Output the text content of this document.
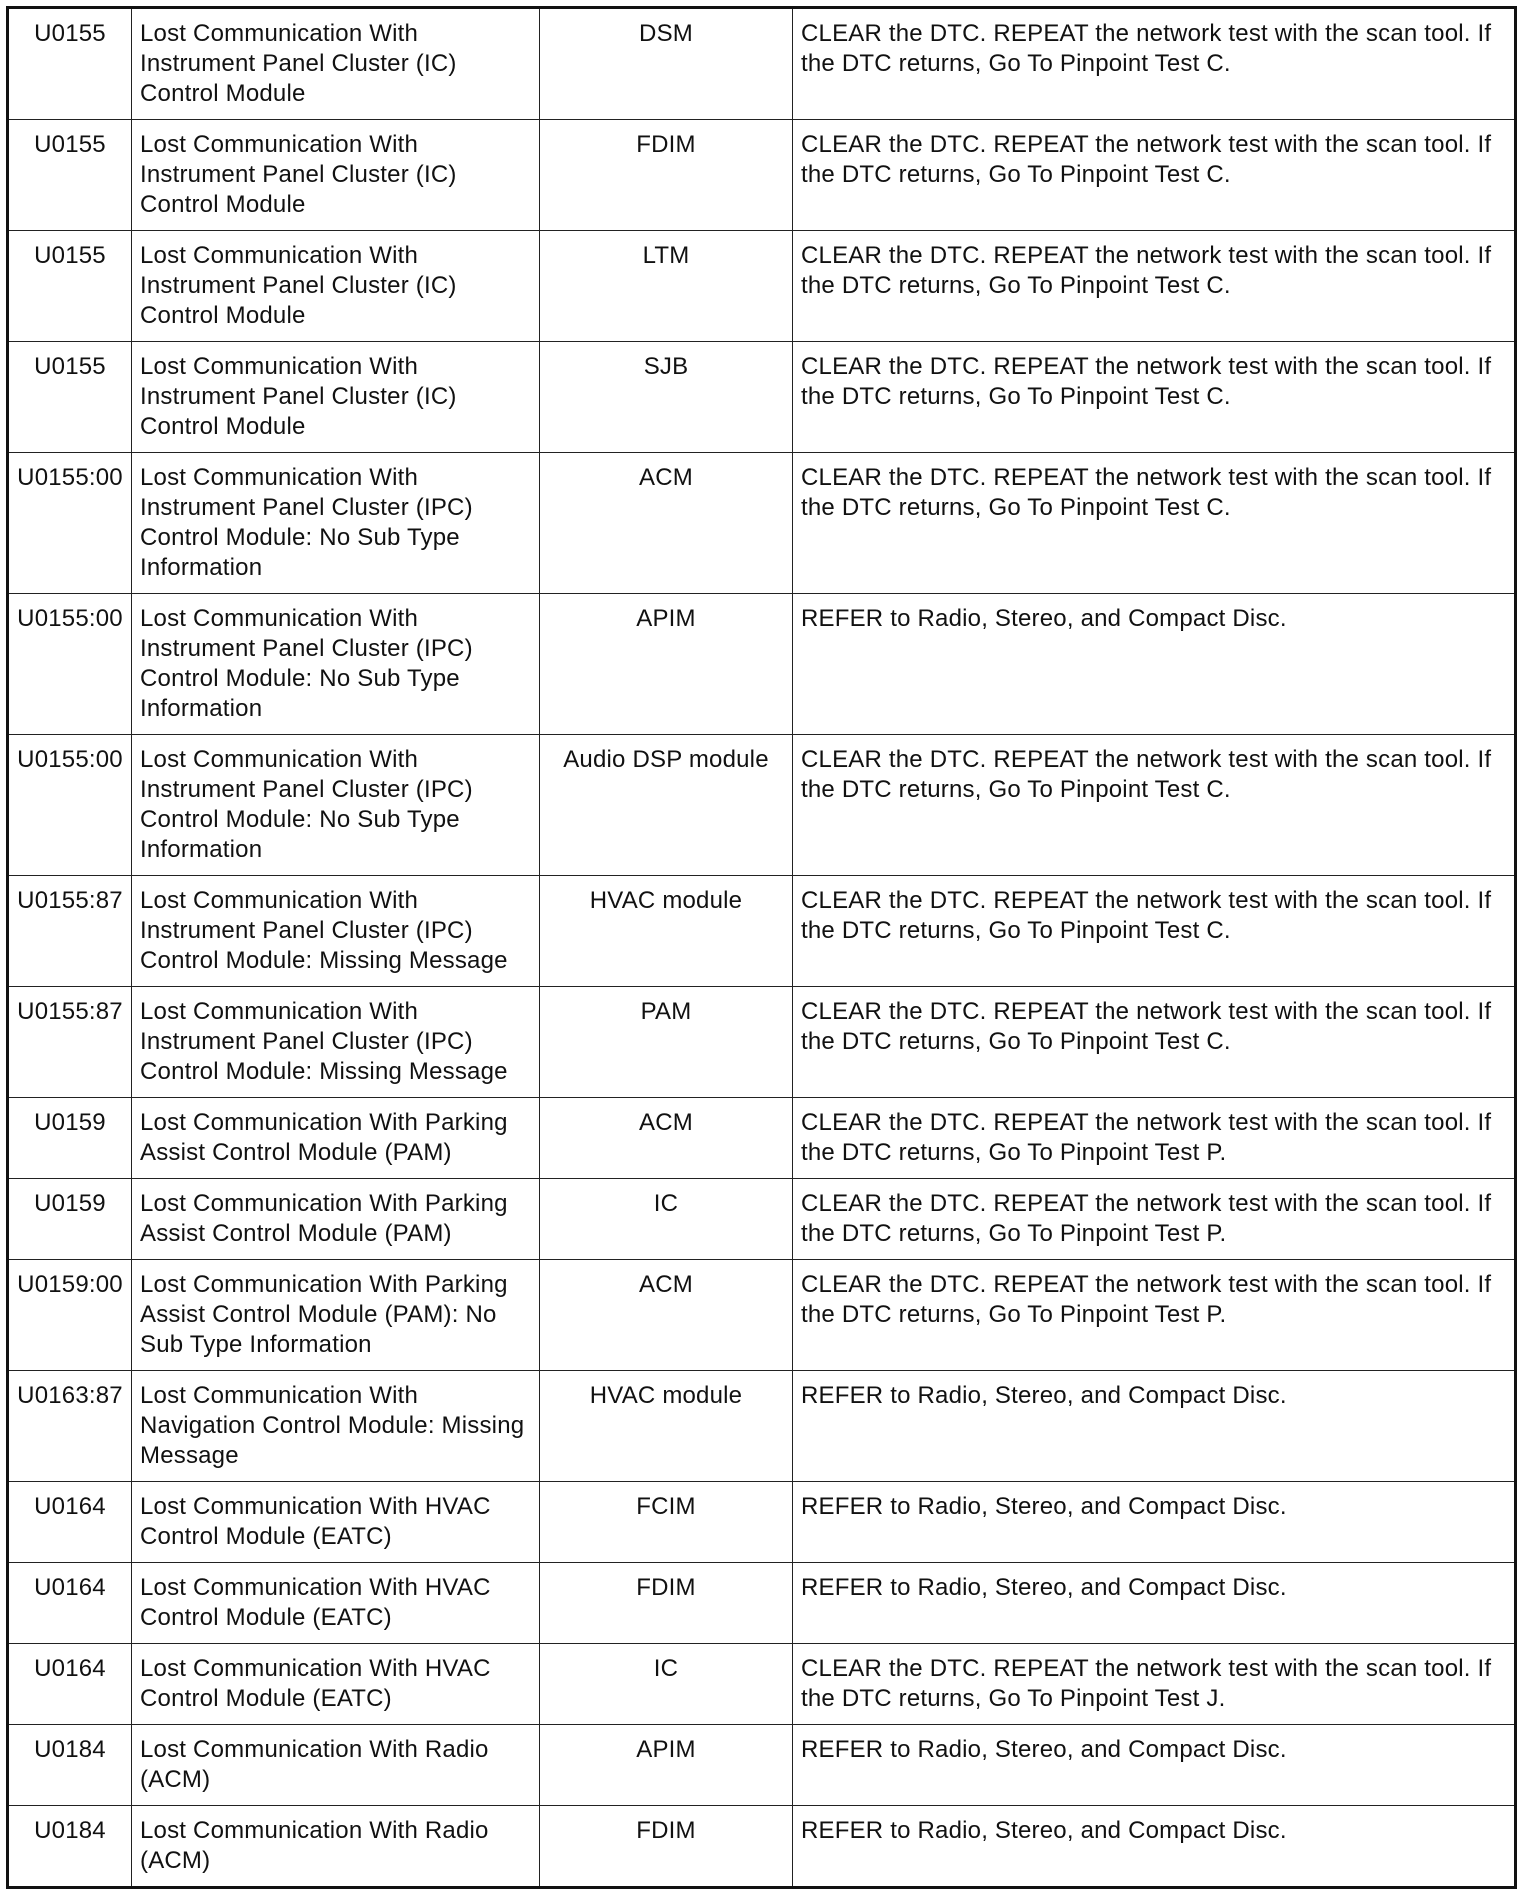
U0155	Lost Communication With Instrument Panel Cluster (IC) Control Module	DSM	CLEAR the DTC. REPEAT the network test with the scan tool. If the DTC returns, Go To Pinpoint Test C.
U0155	Lost Communication With Instrument Panel Cluster (IC) Control Module	FDIM	CLEAR the DTC. REPEAT the network test with the scan tool. If the DTC returns, Go To Pinpoint Test C.
U0155	Lost Communication With Instrument Panel Cluster (IC) Control Module	LTM	CLEAR the DTC. REPEAT the network test with the scan tool. If the DTC returns, Go To Pinpoint Test C.
U0155	Lost Communication With Instrument Panel Cluster (IC) Control Module	SJB	CLEAR the DTC. REPEAT the network test with the scan tool. If the DTC returns, Go To Pinpoint Test C.
U0155:00	Lost Communication With Instrument Panel Cluster (IPC) Control Module: No Sub Type Information	ACM	CLEAR the DTC. REPEAT the network test with the scan tool. If the DTC returns, Go To Pinpoint Test C.
U0155:00	Lost Communication With Instrument Panel Cluster (IPC) Control Module: No Sub Type Information	APIM	REFER to Radio, Stereo, and Compact Disc.
U0155:00	Lost Communication With Instrument Panel Cluster (IPC) Control Module: No Sub Type Information	Audio DSP module	CLEAR the DTC. REPEAT the network test with the scan tool. If the DTC returns, Go To Pinpoint Test C.
U0155:87	Lost Communication With Instrument Panel Cluster (IPC) Control Module: Missing Message	HVAC module	CLEAR the DTC. REPEAT the network test with the scan tool. If the DTC returns, Go To Pinpoint Test C.
U0155:87	Lost Communication With Instrument Panel Cluster (IPC) Control Module: Missing Message	PAM	CLEAR the DTC. REPEAT the network test with the scan tool. If the DTC returns, Go To Pinpoint Test C.
U0159	Lost Communication With Parking Assist Control Module (PAM)	ACM	CLEAR the DTC. REPEAT the network test with the scan tool. If the DTC returns, Go To Pinpoint Test P.
U0159	Lost Communication With Parking Assist Control Module (PAM)	IC	CLEAR the DTC. REPEAT the network test with the scan tool. If the DTC returns, Go To Pinpoint Test P.
U0159:00	Lost Communication With Parking Assist Control Module (PAM): No Sub Type Information	ACM	CLEAR the DTC. REPEAT the network test with the scan tool. If the DTC returns, Go To Pinpoint Test P.
U0163:87	Lost Communication With Navigation Control Module: Missing Message	HVAC module	REFER to Radio, Stereo, and Compact Disc.
U0164	Lost Communication With HVAC Control Module (EATC)	FCIM	REFER to Radio, Stereo, and Compact Disc.
U0164	Lost Communication With HVAC Control Module (EATC)	FDIM	REFER to Radio, Stereo, and Compact Disc.
U0164	Lost Communication With HVAC Control Module (EATC)	IC	CLEAR the DTC. REPEAT the network test with the scan tool. If the DTC returns, Go To Pinpoint Test J.
U0184	Lost Communication With Radio (ACM)	APIM	REFER to Radio, Stereo, and Compact Disc.
U0184	Lost Communication With Radio (ACM)	FDIM	REFER to Radio, Stereo, and Compact Disc.
